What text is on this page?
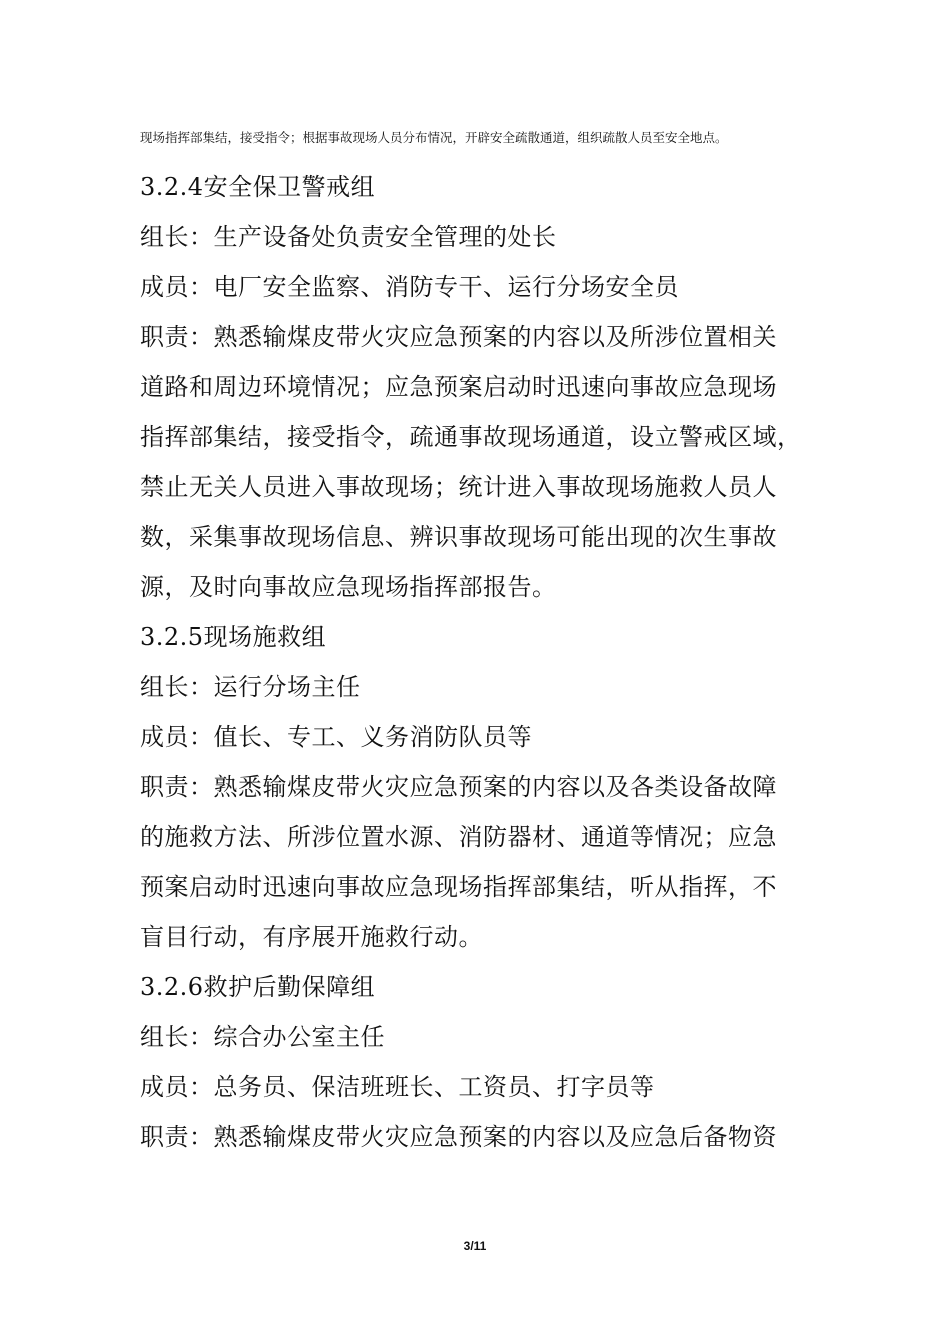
现场指挥部集结，接受指令；根据事故现场人员分布情况，开辟安全疏散通道，组织疏散人员至安全地点。
3.2.4安全保卫警戒组
组长：生产设备处负责安全管理的处长
成员：电厂安全监察、消防专干、运行分场安全员
职责：熟悉输煤皮带火灾应急预案的内容以及所涉位置相关
道路和周边环境情况；应急预案启动时迅速向事故应急现场
指挥部集结，接受指令，疏通事故现场通道，设立警戒区域，
禁止无关人员进入事故现场；统计进入事故现场施救人员人
数，采集事故现场信息、辨识事故现场可能出现的次生事故
源，及时向事故应急现场指挥部报告。
3.2.5现场施救组
组长：运行分场主任
成员：值长、专工、义务消防队员等
职责：熟悉输煤皮带火灾应急预案的内容以及各类设备故障
的施救方法、所涉位置水源、消防器材、通道等情况；应急
预案启动时迅速向事故应急现场指挥部集结，听从指挥，不
盲目行动，有序展开施救行动。
3.2.6救护后勤保障组
组长：综合办公室主任
成员：总务员、保洁班班长、工资员、打字员等
职责：熟悉输煤皮带火灾应急预案的内容以及应急后备物资
3/11
